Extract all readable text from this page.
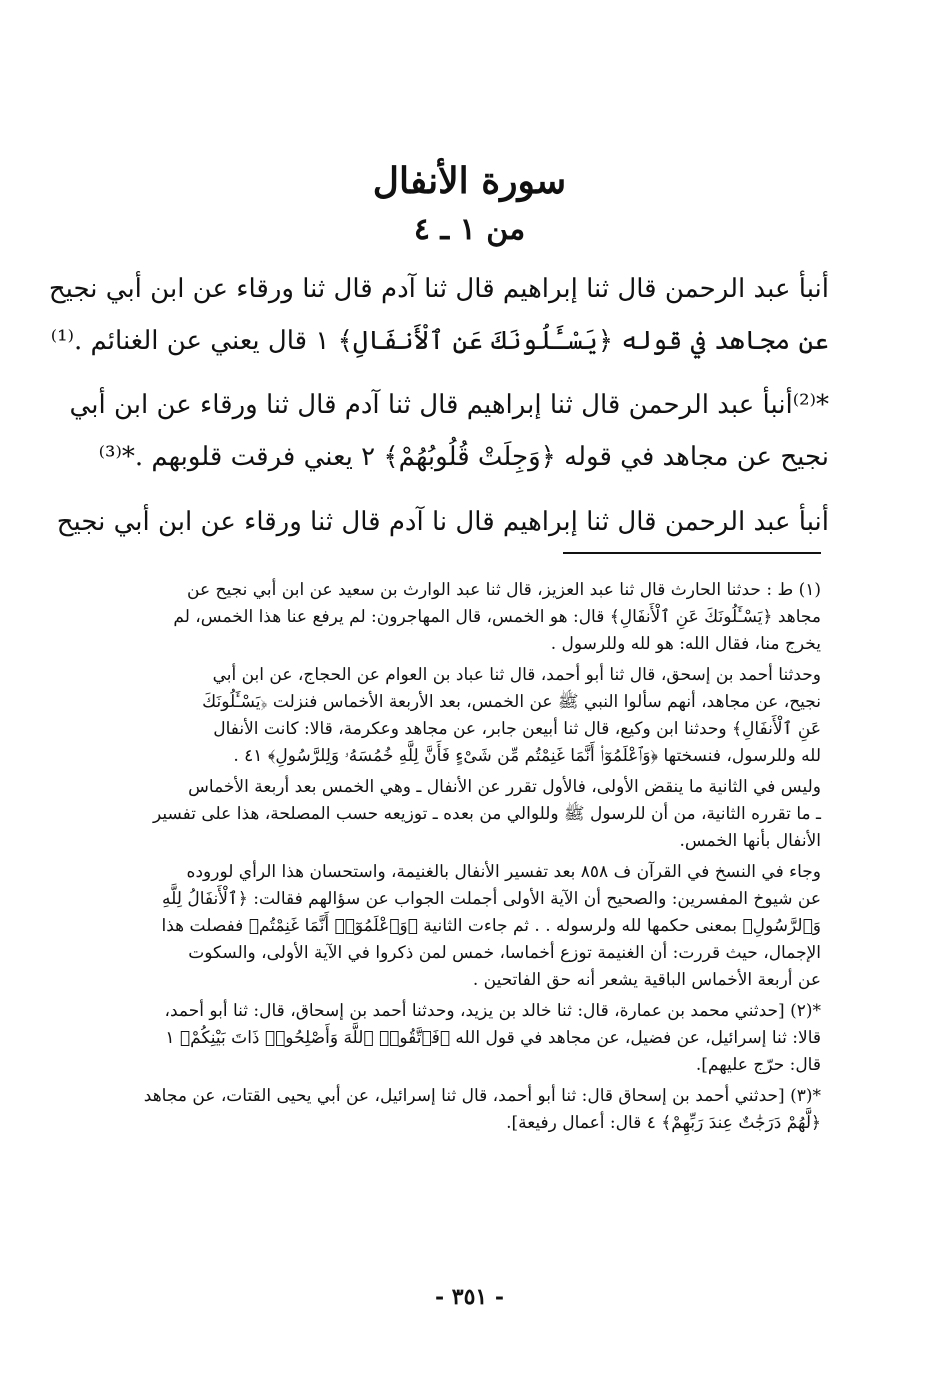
سورة الأنفال
من ١ ـ ٤
أنبأ عبد الرحمن قال ثنا إبراهيم قال ثنا آدم قال ثنا ورقاء عن ابن أبي نجيح
عن مجاهد في قوله ﴿يَسْـَٔلُونَكَ عَنِ ٱلْأَنفَالِ﴾ ١ قال يعني عن الغنائم .⁽¹⁾
*⁽²⁾أنبأ عبد الرحمن قال ثنا إبراهيم قال ثنا آدم قال ثنا ورقاء عن ابن أبي
نجيح عن مجاهد في قوله ﴿وَجِلَتْ قُلُوبُهُمْ﴾ ٢ يعني فرقت قلوبهم .*⁽³⁾
أنبأ عبد الرحمن قال ثنا إبراهيم قال نا آدم قال ثنا ورقاء عن ابن أبي نجيح
(١) ط : حدثنا الحارث قال ثنا عبد العزيز، قال ثنا عبد الوارث بن سعيد عن ابن أبي نجيح عن
مجاهد ﴿يَسْـَٔلُونَكَ عَنِ ٱلْأَنفَالِ﴾ قال: هو الخمس، قال المهاجرون: لم يرفع عنا هذا الخمس، لم
يخرج منا، فقال الله: هو لله وللرسول .
وحدثنا أحمد بن إسحق، قال ثنا أبو أحمد، قال ثنا عباد بن العوام عن الحجاج، عن ابن أبي
نجيح، عن مجاهد، أنهم سألوا النبي ﷺ عن الخمس، بعد الأربعة الأخماس فنزلت ﴿يَسْـَٔلُونَكَ
عَنِ ٱلْأَنفَالِ﴾ وحدثنا ابن وكيع، قال ثنا أبيعن جابر، عن مجاهد وعكرمة، قالا: كانت الأنفال
لله وللرسول، فنسختها ﴿وَٱعْلَمُوٓا۟ أَنَّمَا غَنِمْتُم مِّن شَىْءٍ فَأَنَّ لِلَّهِ خُمُسَهُۥ وَلِلرَّسُولِ﴾ ٤١ .
وليس في الثانية ما ينقض الأولى، فالأول تقرر عن الأنفال ـ وهي الخمس بعد أربعة الأخماس
ـ ما تقرره الثانية، من أن للرسول ﷺ وللوالي من بعده ـ توزيعه حسب المصلحة، هذا على تفسير
الأنفال بأنها الخمس.
وجاء في النسخ في القرآن ف ٨٥٨ بعد تفسير الأنفال بالغنيمة، واستحسان هذا الرأي لوروده
عن شيوخ المفسرين: والصحيح أن الآية الأولى أجملت الجواب عن سؤالهم فقالت: ﴿ٱلْأَنفَالُ لِلَّهِ
وَٱلرَّسُولِ﴾ بمعنى حكمها لله ولرسوله . . ثم جاءت الثانية ﴿وَٱعْلَمُوٓا۟ أَنَّمَا غَنِمْتُم﴾ ففصلت هذا
الإجمال، حيث قررت: أن الغنيمة توزع أخماسا، خمس لمن ذكروا في الآية الأولى، والسكوت
عن أربعة الأخماس الباقية يشعر أنه حق الفاتحين .
*(٢) [حدثني محمد بن عمارة، قال: ثنا خالد بن يزيد، وحدثنا أحمد بن إسحاق، قال: ثنا أبو أحمد،
قالا: ثنا إسرائيل، عن فضيل، عن مجاهد في قول الله ﴿فَٱتَّقُوا۟ ٱللَّهَ وَأَصْلِحُوا۟ ذَاتَ بَيْنِكُمْ﴾ ١
قال: حرّج عليهم].
*(٣) [حدثني أحمد بن إسحاق قال: ثنا أبو أحمد، قال ثنا إسرائيل، عن أبي يحيى القتات، عن مجاهد
﴿لَّهُمْ دَرَجَٰتٌ عِندَ رَبِّهِمْ﴾ ٤ قال: أعمال رفيعة].
- ٣٥١ -
